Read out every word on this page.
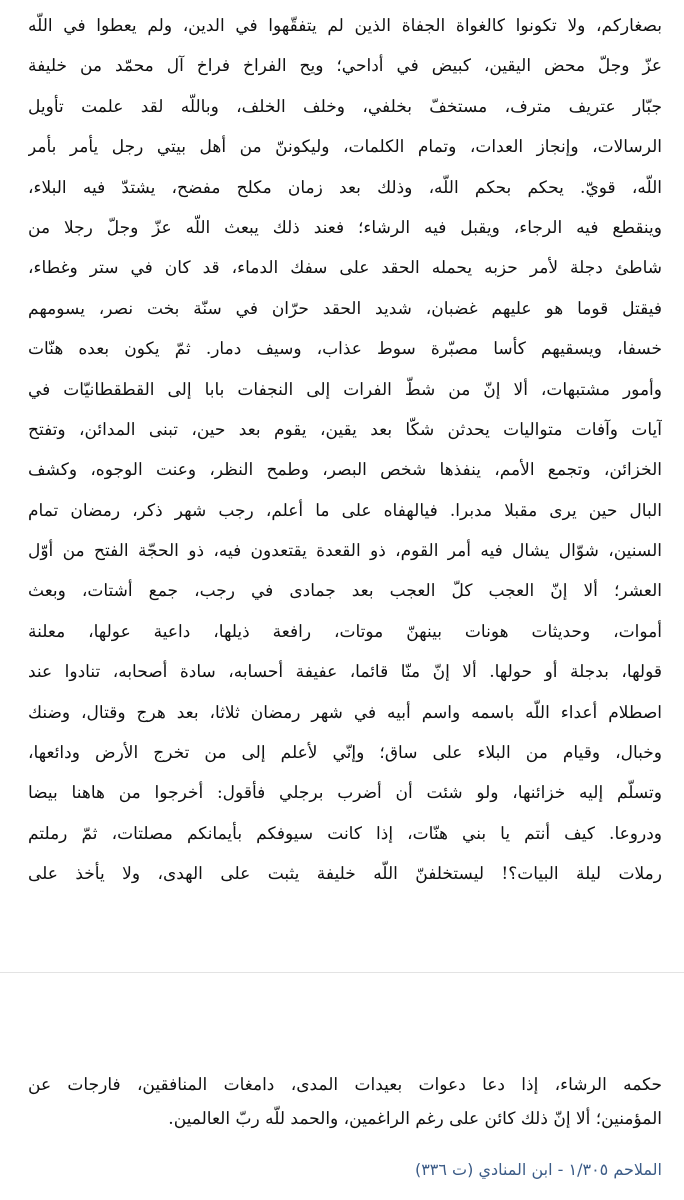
بصغاركم، ولا تكونوا كالغواة الجفاة الذين لم يتفقّهوا في الدين، ولم يعطوا في اللّه
عزّ وجلّ محض اليقين، كبيض في أداحي؛ ويح الفراخ فراخ آل محمّد من خليفة
جبّار عتريف مترف، مستخفّ بخلفي، وخلف الخلف، وباللّه لقد علمت تأويل
الرسالات، وإنجاز العدات، وتمام الكلمات، وليكوننّ من أهل بيتي رجل يأمر بأمر
اللّه، قويّ. يحكم بحكم اللّه، وذلك بعد زمان مكلح مفضح، يشتدّ فيه البلاء،
وينقطع فيه الرجاء، ويقبل فيه الرشاء؛ فعند ذلك يبعث اللّه عزّ وجلّ رجلا من
شاطئ دجلة لأمر حزبه يحمله الحقد على سفك الدماء، قد كان في ستر وغطاء،
فيقتل قوما هو عليهم غضبان، شديد الحقد حرّان في سنّة بخت نصر، يسومهم
خسفا، ويسقيهم كأسا مصبّرة سوط عذاب، وسيف دمار. ثمّ يكون بعده هنّات
وأمور مشتبهات، ألا إنّ من شطّ الفرات إلى النجفات بابا إلى القطقطانيّات في
آيات وآفات متواليات يحدثن شكّا بعد يقين، يقوم بعد حين، تبنى المدائن، وتفتح
الخزائن، وتجمع الأمم، ينفذها شخص البصر، وطمح النظر، وعنت الوجوه، وكشف
البال حين يرى مقبلا مدبرا. فيالهفاه على ما أعلم، رجب شهر ذكر، رمضان تمام
السنين، شوّال يشال فيه أمر القوم، ذو القعدة يقتعدون فيه، ذو الحجّة الفتح من أوّل
العشر؛ ألا إنّ العجب كلّ العجب بعد جمادى في رجب، جمع أشتات، وبعث
أموات، وحديثات هونات بينهنّ موتات، رافعة ذيلها، داعية عولها، معلنة
قولها، بدجلة أو حولها. ألا إنّ منّا قائما، عفيفة أحسابه، سادة أصحابه، تنادوا عند
اصطلام أعداء اللّه باسمه واسم أبيه في شهر رمضان ثلاثا، بعد هرج وقتال، وضنك
وخبال، وقيام من البلاء على ساق؛ وإنّي لأعلم إلى من تخرج الأرض ودائعها،
وتسلّم إليه خزائنها، ولو شئت أن أضرب برجلي فأقول: أخرجوا من هاهنا بيضا
ودروعا. كيف أنتم يا بني هنّات، إذا كانت سيوفكم بأيمانكم مصلتات، ثمّ رملتم
رملات ليلة البيات؟! ليستخلفنّ اللّه خليفة يثبت على الهدى، ولا يأخذ على
حكمه الرشاء، إذا دعا دعوات بعيدات المدى، دامغات المنافقين، فارجات عن
المؤمنين؛ ألا إنّ ذلك كائن على رغم الراغمين، والحمد للّه ربّ العالمين.
الملاحم ١/٣٠٥ - ابن المنادي (ت ٣٣٦)
